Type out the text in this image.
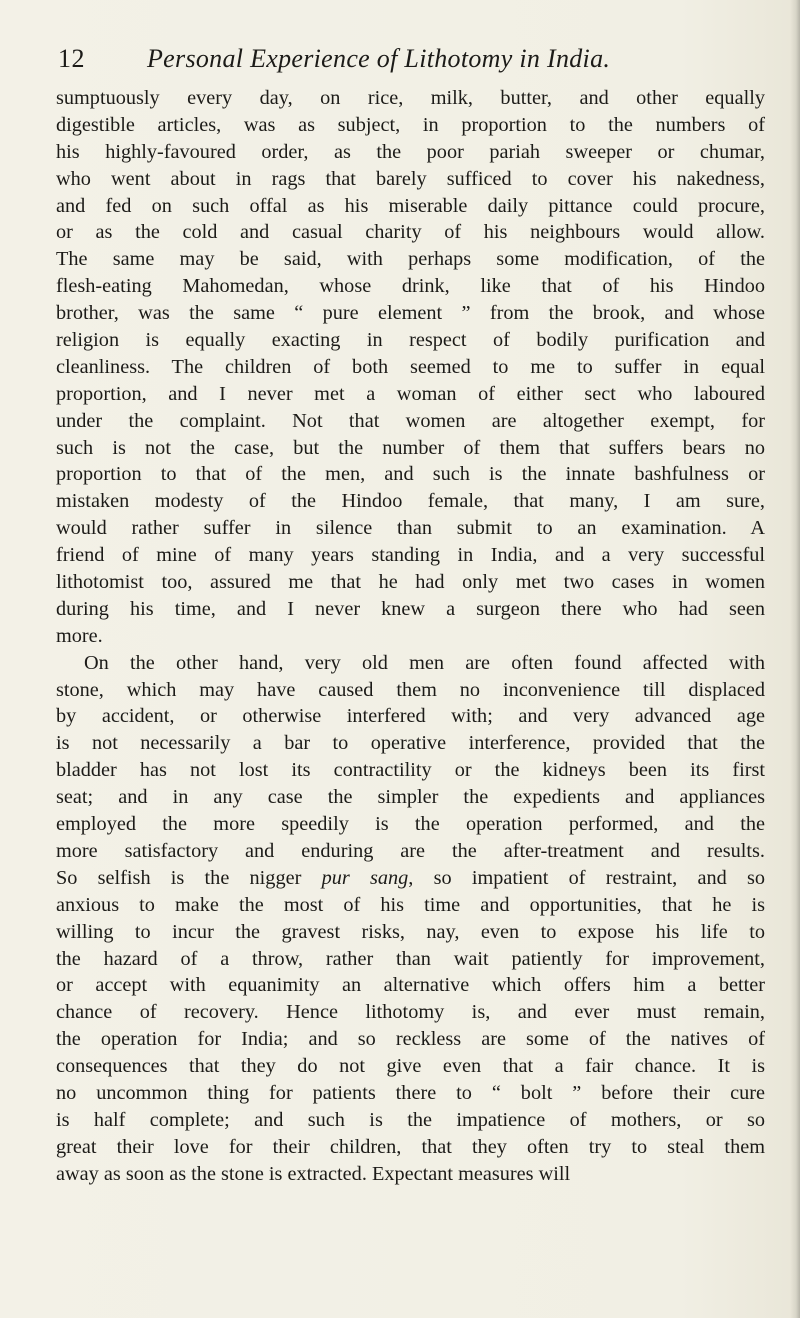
12 Personal Experience of Lithotomy in India.
sumptuously every day, on rice, milk, butter, and other equally
digestible articles, was as subject, in proportion to the numbers of
his highly-favoured order, as the poor pariah sweeper or chumar,
who went about in rags that barely sufficed to cover his nakedness,
and fed on such offal as his miserable daily pittance could procure,
or as the cold and casual charity of his neighbours would allow.
The same may be said, with perhaps some modification, of the
flesh-eating Mahomedan, whose drink, like that of his Hindoo
brother, was the same “ pure element ” from the brook, and whose
religion is equally exacting in respect of bodily purification and
cleanliness. The children of both seemed to me to suffer in equal
proportion, and I never met a woman of either sect who laboured
under the complaint. Not that women are altogether exempt, for
such is not the case, but the number of them that suffers bears no
proportion to that of the men, and such is the innate bashfulness or
mistaken modesty of the Hindoo female, that many, I am sure,
would rather suffer in silence than submit to an examination. A
friend of mine of many years standing in India, and a very successful
lithotomist too, assured me that he had only met two cases in women
during his time, and I never knew a surgeon there who had seen
more.
On the other hand, very old men are often found affected with
stone, which may have caused them no inconvenience till displaced
by accident, or otherwise interfered with; and very advanced age
is not necessarily a bar to operative interference, provided that the
bladder has not lost its contractility or the kidneys been its first
seat; and in any case the simpler the expedients and appliances
employed the more speedily is the operation performed, and the
more satisfactory and enduring are the after-treatment and results.
So selfish is the nigger pur sang, so impatient of restraint, and so
anxious to make the most of his time and opportunities, that he is
willing to incur the gravest risks, nay, even to expose his life to
the hazard of a throw, rather than wait patiently for improvement,
or accept with equanimity an alternative which offers him a better
chance of recovery. Hence lithotomy is, and ever must remain,
the operation for India; and so reckless are some of the natives of
consequences that they do not give even that a fair chance. It is
no uncommon thing for patients there to “ bolt ” before their cure
is half complete; and such is the impatience of mothers, or so
great their love for their children, that they often try to steal them
away as soon as the stone is extracted. Expectant measures will
